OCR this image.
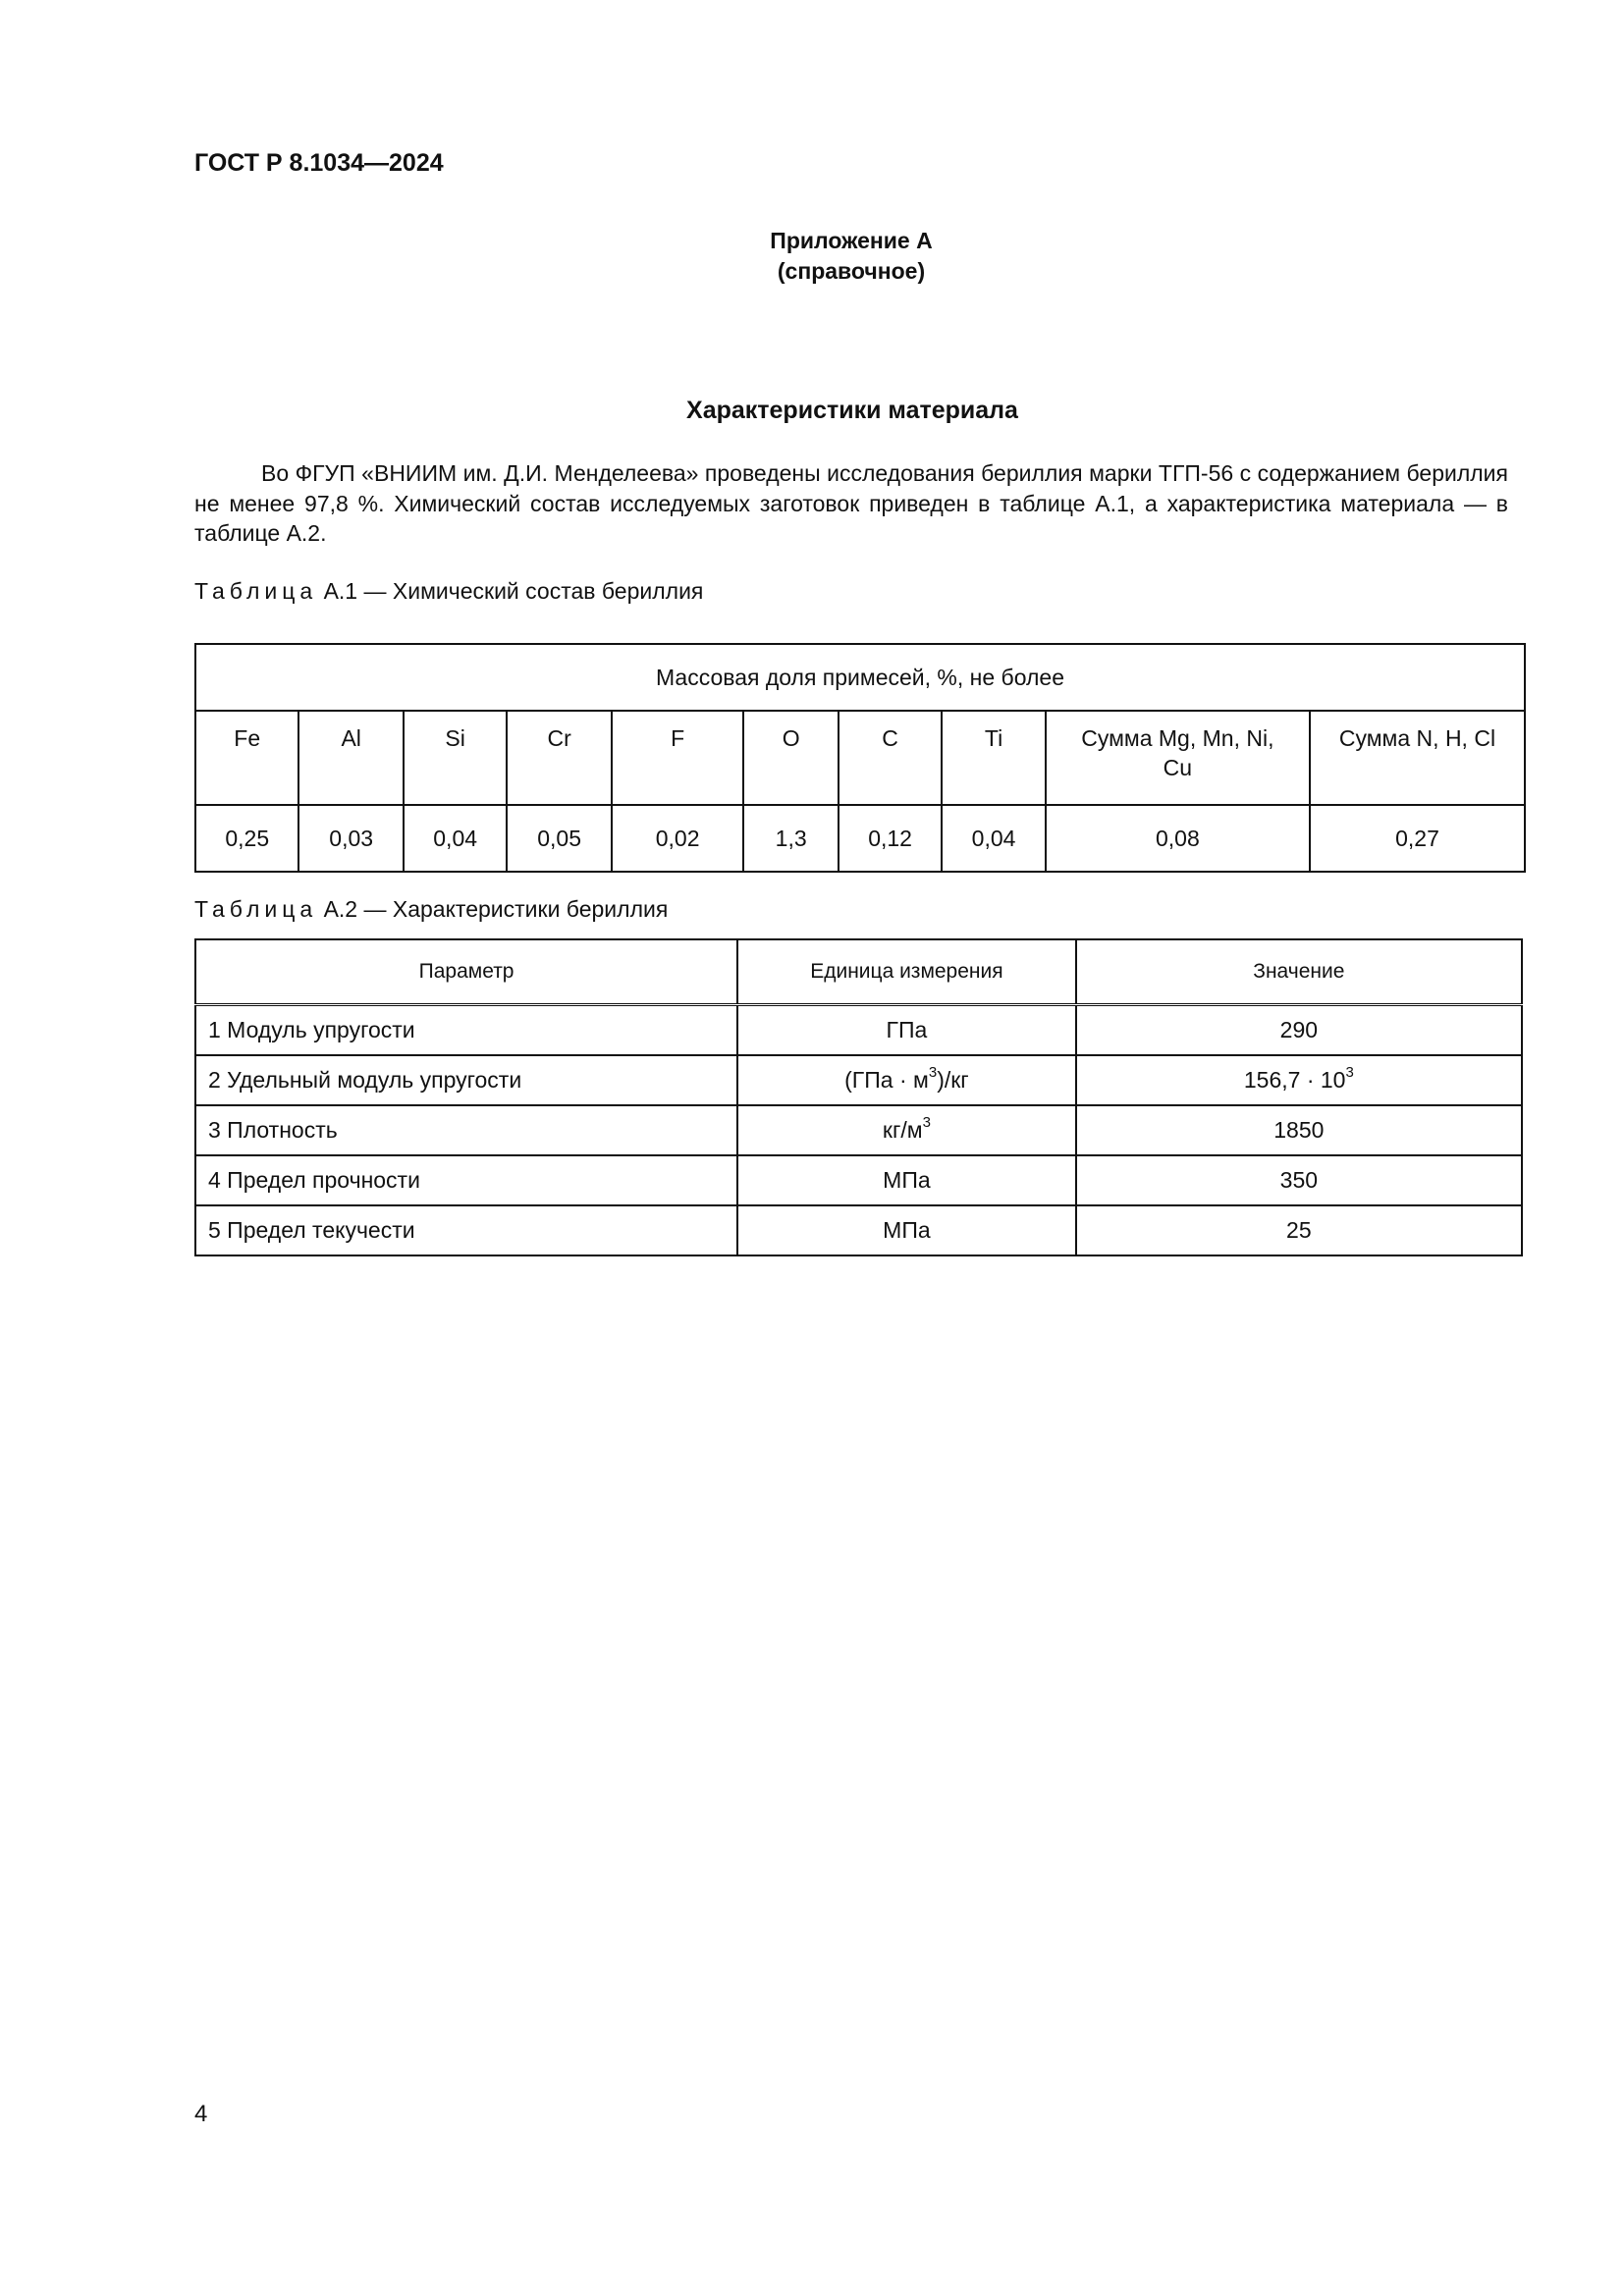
ГОСТ Р 8.1034—2024
Приложение А
(справочное)
Характеристики материала

Во ФГУП «ВНИИМ им. Д.И. Менделеева» проведены исследования бериллия марки ТГП-56 с содержанием бериллия не менее 97,8 %. Химический состав исследуемых заготовок приведен в таблице А.1, а характеристика материала — в таблице А.2.

Таблица А.1 — Химический состав бериллия
Массовая доля примесей, %, не более									
Fe	Al	Si	Cr	F	O	C	Ti	Сумма Mg, Mn, Ni, Cu	Сумма N, H, Cl
0,25	0,03	0,04	0,05	0,02	1,3	0,12	0,04	0,08	0,27
Таблица А.2 — Характеристики бериллия
Параметр	Единица измерения	Значение
1 Модуль упругости	ГПа	290
2 Удельный модуль упругости	$(ГПа \cdot м^3)/кг$	$156,7 \cdot 10^3$
3 Плотность	$кг/м^3$	1850
4 Предел прочности	МПа	350
5 Предел текучести	МПа	25
4
